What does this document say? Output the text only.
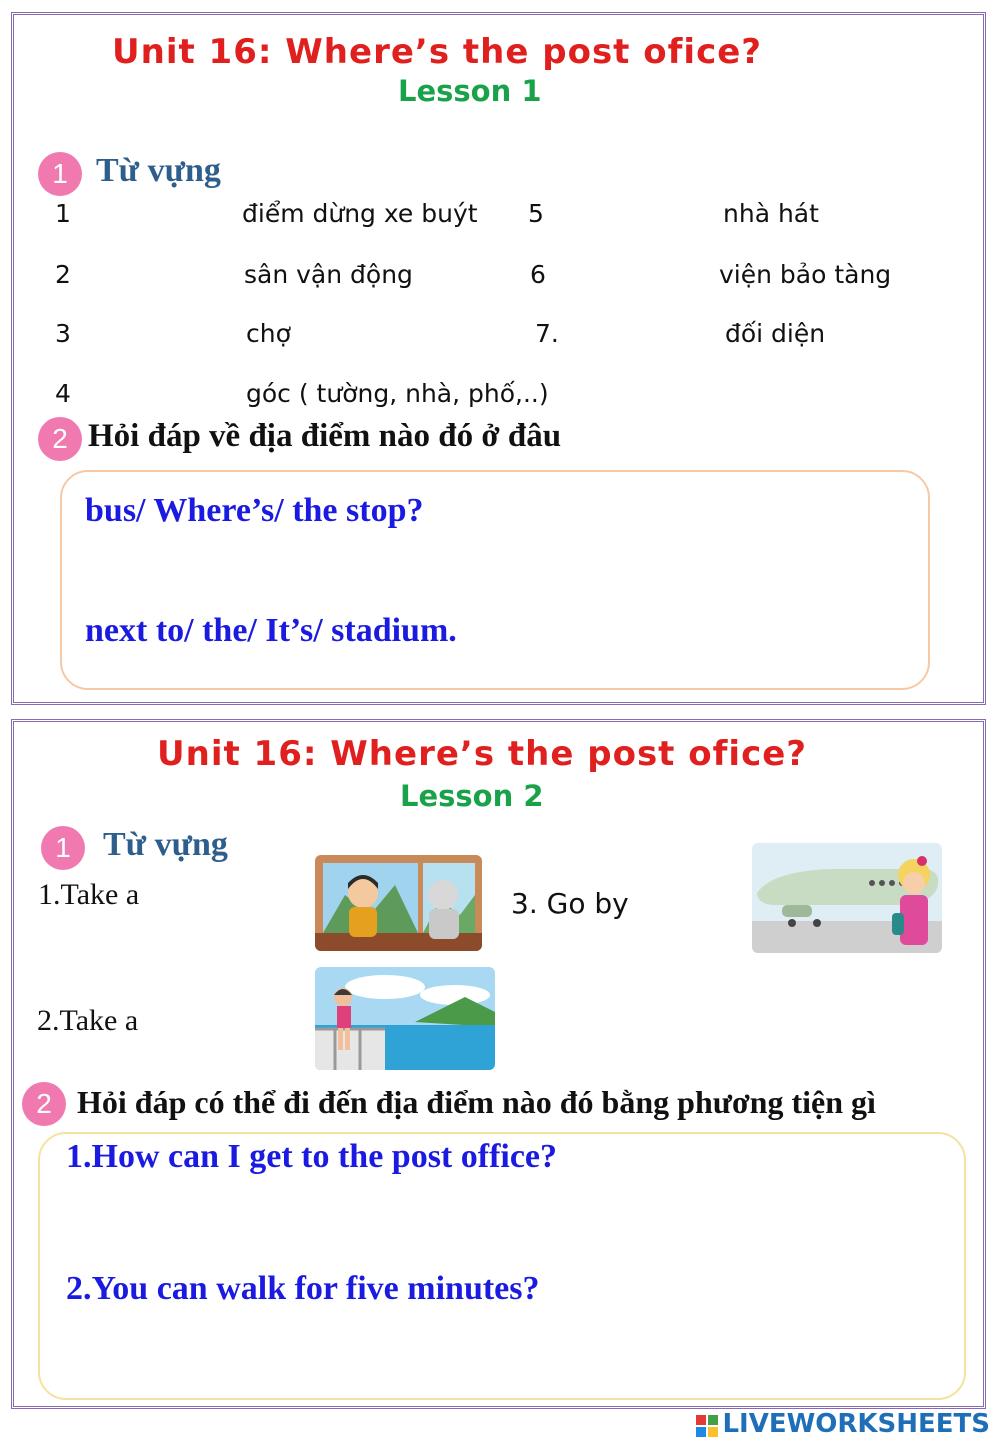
Unit 16: Where’s the post ofice?
Lesson 1
1 Từ vựng
1	điểm dừng xe buýt 5	nhà hát
2	sân vận động	6	viện bảo tàng
3	chợ	7.	đối diện
4	góc ( tường, nhà, phố,..)
2 Hỏi đáp về địa điểm nào đó ở đâu
bus/ Where’s/ the stop?
next to/ the/ It’s/ stadium.
Unit 16: Where’s the post ofice?
Lesson 2
1 Từ vựng
1.Take a
2.Take a
3. Go by
2 Hỏi đáp có thể đi đến địa điểm nào đó bằng phương tiện gì
1.How can I get to the post office?
2.You can walk for five minutes?
LIVEWORKSHEETS
